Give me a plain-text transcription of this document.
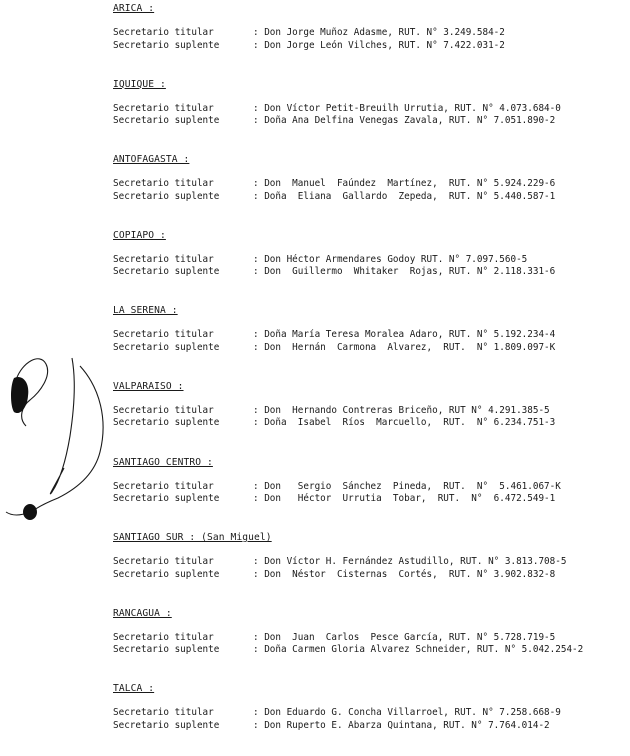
ARICA :
Secretario titular	: Don Jorge Muñoz Adasme, RUT. N° 3.249.584-2
Secretario suplente	: Don Jorge León Vilches, RUT. N° 7.422.031-2
IQUIQUE :
Secretario titular	: Don Víctor Petit-Breuilh Urrutia, RUT. N° 4.073.684-0
Secretario suplente	: Doña Ana Delfina Venegas Zavala, RUT. N° 7.051.890-2
ANTOFAGASTA :
Secretario titular	: Don  Manuel  Faúndez  Martínez,  RUT. N° 5.924.229-6
Secretario suplente	: Doña  Eliana  Gallardo  Zepeda,  RUT. N° 5.440.587-1
COPIAPO :
Secretario titular	: Don Héctor Armendares Godoy RUT. N° 7.097.560-5
Secretario suplente	: Don  Guillermo  Whitaker  Rojas, RUT. N° 2.118.331-6
LA SERENA :
Secretario titular	: Doña María Teresa Moralea Adaro, RUT. N° 5.192.234-4
Secretario suplente	: Don  Hernán  Carmona  Alvarez,  RUT.  N° 1.809.097-K
VALPARAISO :
Secretario titular	: Don  Hernando Contreras Briceño, RUT N° 4.291.385-5
Secretario suplente	: Doña  Isabel  Ríos  Marcuello,  RUT.  N° 6.234.751-3
SANTIAGO CENTRO :
Secretario titular	: Don   Sergio  Sánchez  Pineda,  RUT.  N°  5.461.067-K
Secretario suplente	: Don   Héctor  Urrutia  Tobar,  RUT.  N°  6.472.549-1
SANTIAGO SUR : (San Miguel)
Secretario titular	: Don Víctor H. Fernández Astudillo, RUT. N° 3.813.708-5
Secretario suplente	: Don  Néstor  Cisternas  Cortés,  RUT. N° 3.902.832-8
RANCAGUA :
Secretario titular	: Don  Juan  Carlos  Pesce García, RUT. N° 5.728.719-5
Secretario suplente	: Doña Carmen Gloria Alvarez Schneider, RUT. N° 5.042.254-2
TALCA :
Secretario titular	: Don Eduardo G. Concha Villarroel, RUT. N° 7.258.668-9
Secretario suplente	: Don Ruperto E. Abarza Quintana, RUT. N° 7.764.014-2
